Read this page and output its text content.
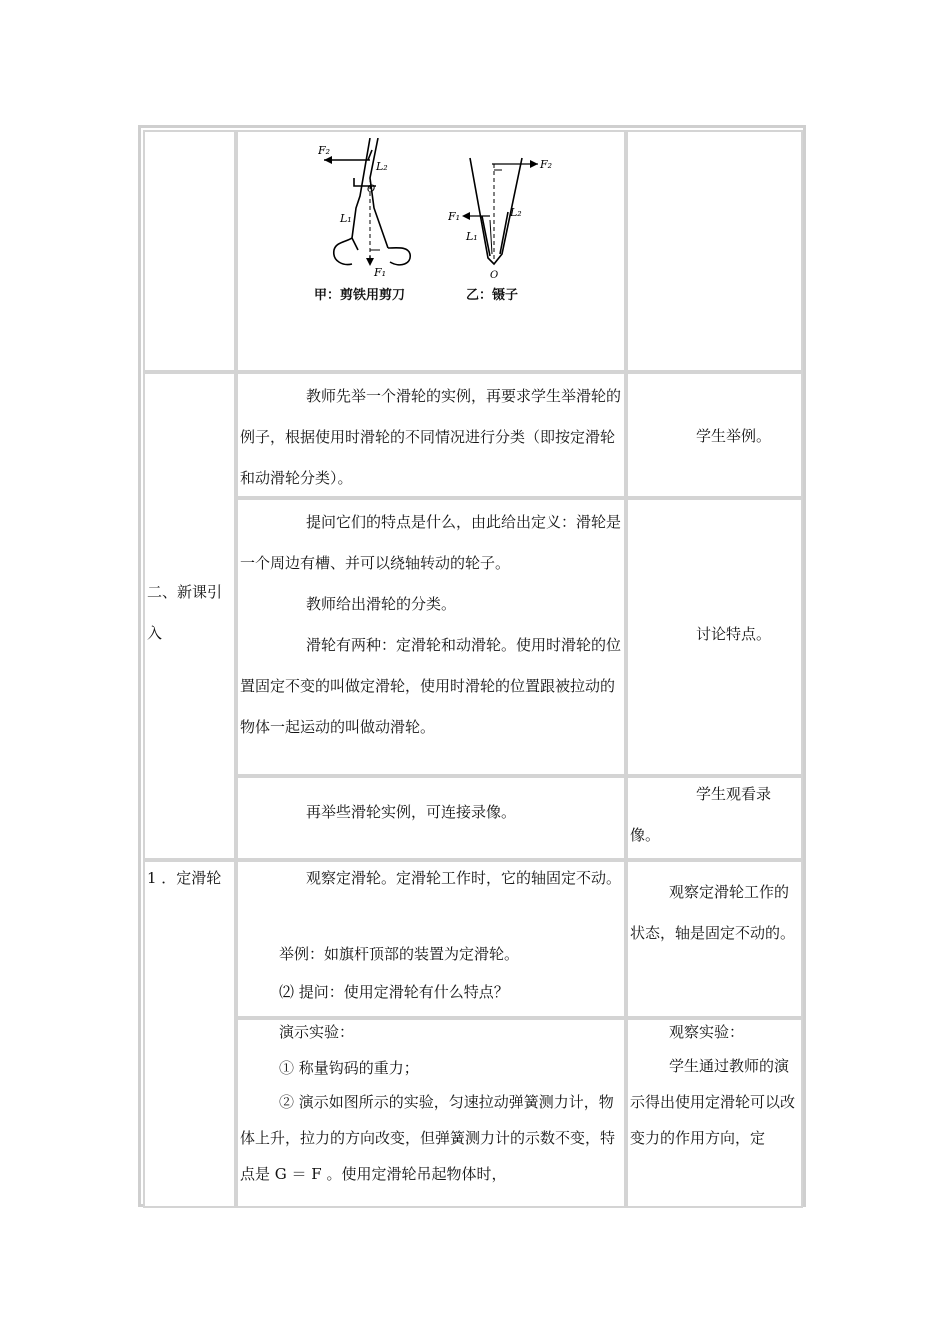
F₂
L₂
O
L₁
F₁
甲：剪铁用剪刀
F₂
F₁	L₂
L₁
O
乙：镊子
二、新课引入
教师先举一个滑轮的实例，再要求学生举滑轮的例子，根据使用时滑轮的不同情况进行分类（即按定滑轮和动滑轮分类）。
学生举例。
提问它们的特点是什么，由此给出定义：滑轮是一个周边有槽、并可以绕轴转动的轮子。
教师给出滑轮的分类。
滑轮有两种：定滑轮和动滑轮。使用时滑轮的位置固定不变的叫做定滑轮，使用时滑轮的位置跟被拉动的物体一起运动的叫做动滑轮。
讨论特点。
再举些滑轮实例，可连接录像。
学生观看录像。
1 ．定滑轮	观察定滑轮。定滑轮工作时，它的轴固定不动。
举例：如旗杆顶部的装置为定滑轮。
⑵ 提问：使用定滑轮有什么特点？
观察定滑轮工作的状态，轴是固定不动的。
演示实验：
① 称量钩码的重力；
② 演示如图所示的实验，匀速拉动弹簧测力计，物体上升，拉力的方向改变，但弹簧测力计的示数不变，特点是 G ＝ F 。使用定滑轮吊起物体时，
观察实验：
学生通过教师的演示得出使用定滑轮可以改变力的作用方向，定
